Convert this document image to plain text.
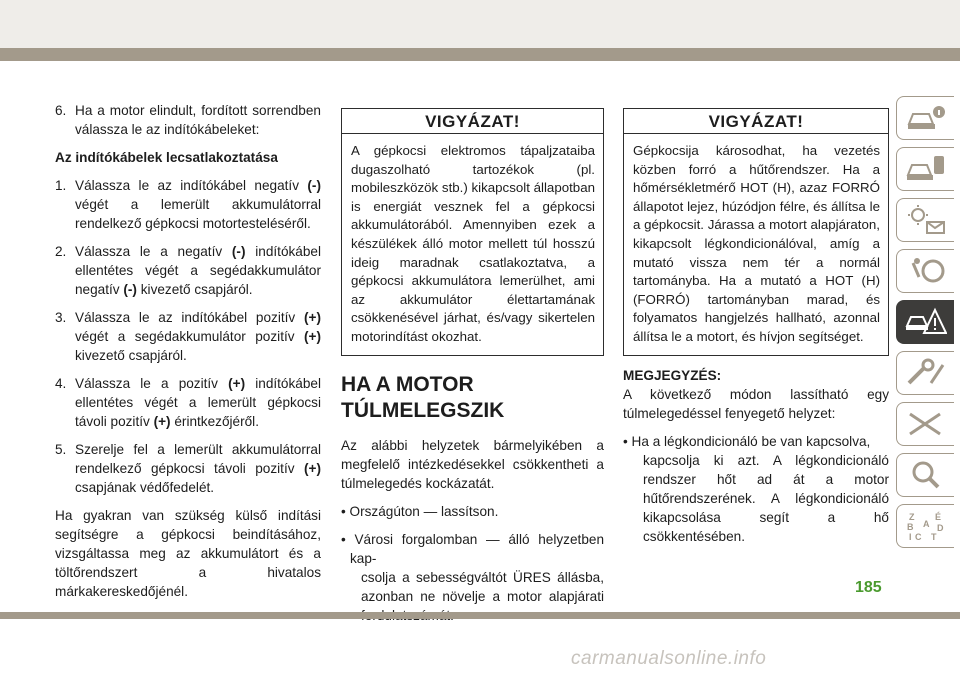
6. Ha a motor elindult, fordított sorrendben válassza le az indítókábeleket:
Az indítókábelek lecsatlakoztatása
1. Válassza le az indítókábel negatív (-) végét a lemerült akkumulátorral rendelkező gépkocsi motortesteléséről.
2. Válassza le a negatív (-) indítókábel ellentétes végét a segédakkumulátor negatív (-) kivezető csapjáról.
3. Válassza le az indítókábel pozitív (+) végét a segédakkumulátor pozitív (+) kivezető csapjáról.
4. Válassza le a pozitív (+) indítókábel ellentétes végét a lemerült gépkocsi távoli pozitív (+) érintkezőjéről.
5. Szerelje fel a lemerült akkumulátorral rendelkező gépkocsi távoli pozitív (+) csapjának védőfedelét.

Ha gyakran van szükség külső indítási segítségre a gépkocsi beindításához, vizsgáltassa meg az akkumulátort és a töltőrendszert a hivatalos márkakereskedőjénél.

VIGYÁZAT!
A gépkocsi elektromos tápaljzataiba dugaszolható tartozékok (pl. mobileszközök stb.) kikapcsolt állapotban is energiát vesznek fel a gépkocsi akkumulátorából. Amennyiben ezek a készülékek álló motor mellett túl hosszú ideig maradnak csatlakoztatva, a gépkocsi akkumulátora lemerülhet, ami az akkumulátor élettartamának csökkenésével járhat, és/vagy sikertelen motorindítást okozhat.
HA A MOTOR
TÚLMELEGSZIK

Az alábbi helyzetek bármelyikében a megfelelő intézkedésekkel csökkentheti a túlmelegedés kockázatát.

• Országúton — lassítson.
• Városi forgalomban — álló helyzetben kap-
csolja a sebességváltót ÜRES állásba, azonban ne növelje a motor alapjárati
VIGYÁZAT!
Gépkocsija károsodhat, ha vezetés közben forró a hűtőrendszer. Ha a hőmérsékletmérő HOT (H), azaz FORRÓ állapotot lejez, húzódjon félre, és állítsa le a gépkocsit. Járassa a motort alapjáraton, kikapcsolt légkondicionálóval, amíg a mutató vissza nem tér a normál tartományba. Ha a mutató a HOT (H) (FORRÓ) tartományban marad, és folyamatos hangjelzés hallható, azonnal állítsa le a motort, és hívjon segítséget.
MEGJEGYZÉS:

A következő módon lassítható egy túlmelegedéssel fenyegető helyzet:

• Ha a légkondicionáló be van kapcsolva,
kapcsolja ki azt. A légkondicionáló rendszer hőt ad át a motor hűtőrendszerének. A légkondicionáló kikapcsolása segít a hő csökkentésében.
Z É
B A D
C
I T
185
carmanualsonline.info
